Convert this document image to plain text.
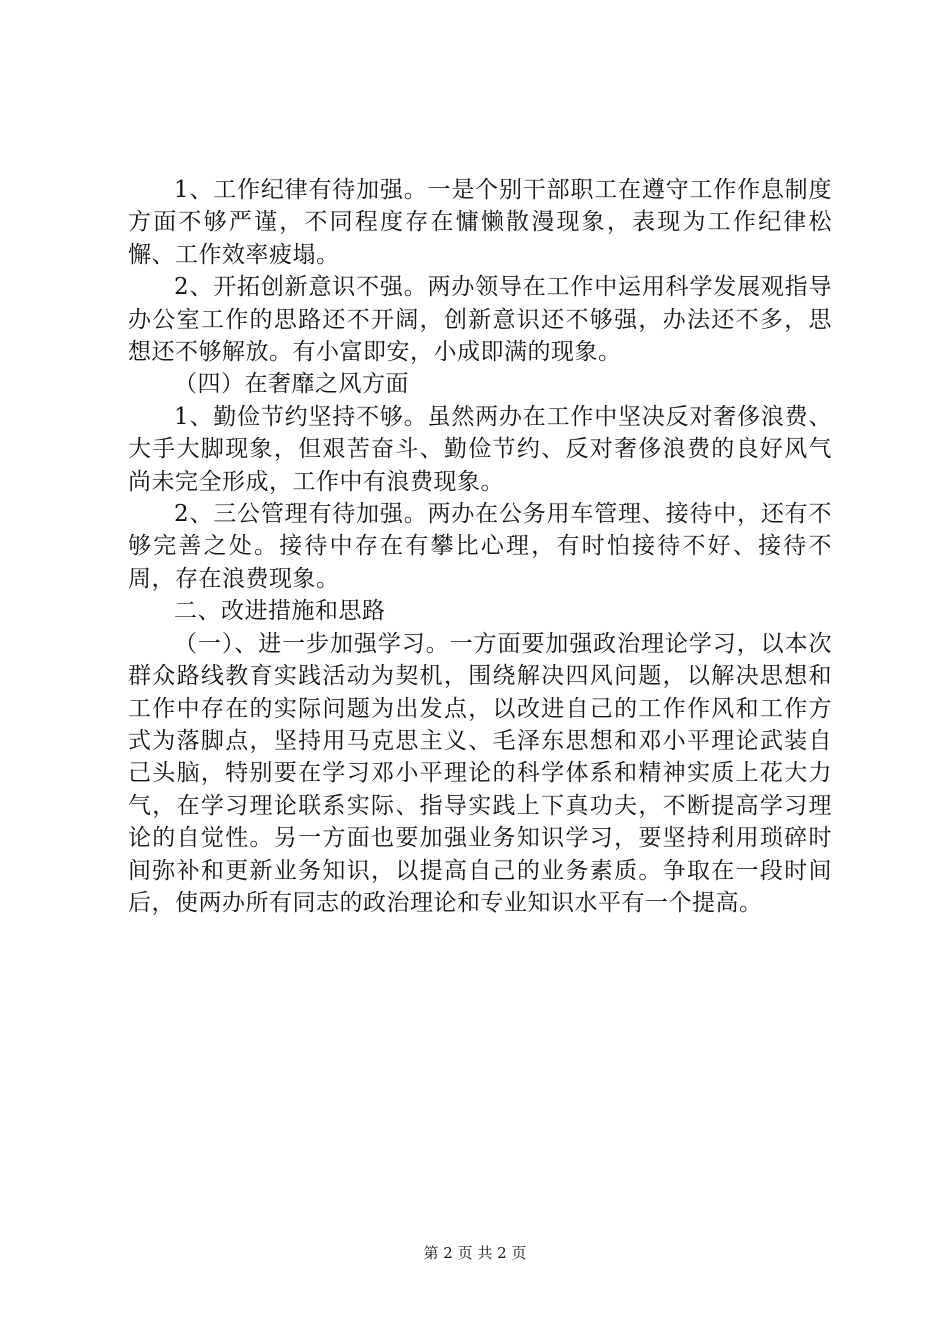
1、工作纪律有待加强。一是个别干部职工在遵守工作作息制度方面不够严谨，不同程度存在慵懒散漫现象，表现为工作纪律松懈、工作效率疲塌。

2、开拓创新意识不强。两办领导在工作中运用科学发展观指导办公室工作的思路还不开阔，创新意识还不够强，办法还不多，思想还不够解放。有小富即安，小成即满的现象。

（四）在奢靡之风方面

1、勤俭节约坚持不够。虽然两办在工作中坚决反对奢侈浪费、大手大脚现象，但艰苦奋斗、勤俭节约、反对奢侈浪费的良好风气尚未完全形成，工作中有浪费现象。

2、三公管理有待加强。两办在公务用车管理、接待中，还有不够完善之处。接待中存在有攀比心理，有时怕接待不好、接待不周，存在浪费现象。

二、改进措施和思路

（一）、进一步加强学习。一方面要加强政治理论学习，以本次群众路线教育实践活动为契机，围绕解决四风问题，以解决思想和工作中存在的实际问题为出发点，以改进自己的工作作风和工作方式为落脚点，坚持用马克思主义、毛泽东思想和邓小平理论武装自己头脑，特别要在学习邓小平理论的科学体系和精神实质上花大力气，在学习理论联系实际、指导实践上下真功夫，不断提高学习理论的自觉性。另一方面也要加强业务知识学习，要坚持利用琐碎时间弥补和更新业务知识，以提高自己的业务素质。争取在一段时间后，使两办所有同志的政治理论和专业知识水平有一个提高。

第 2 页 共 2 页
